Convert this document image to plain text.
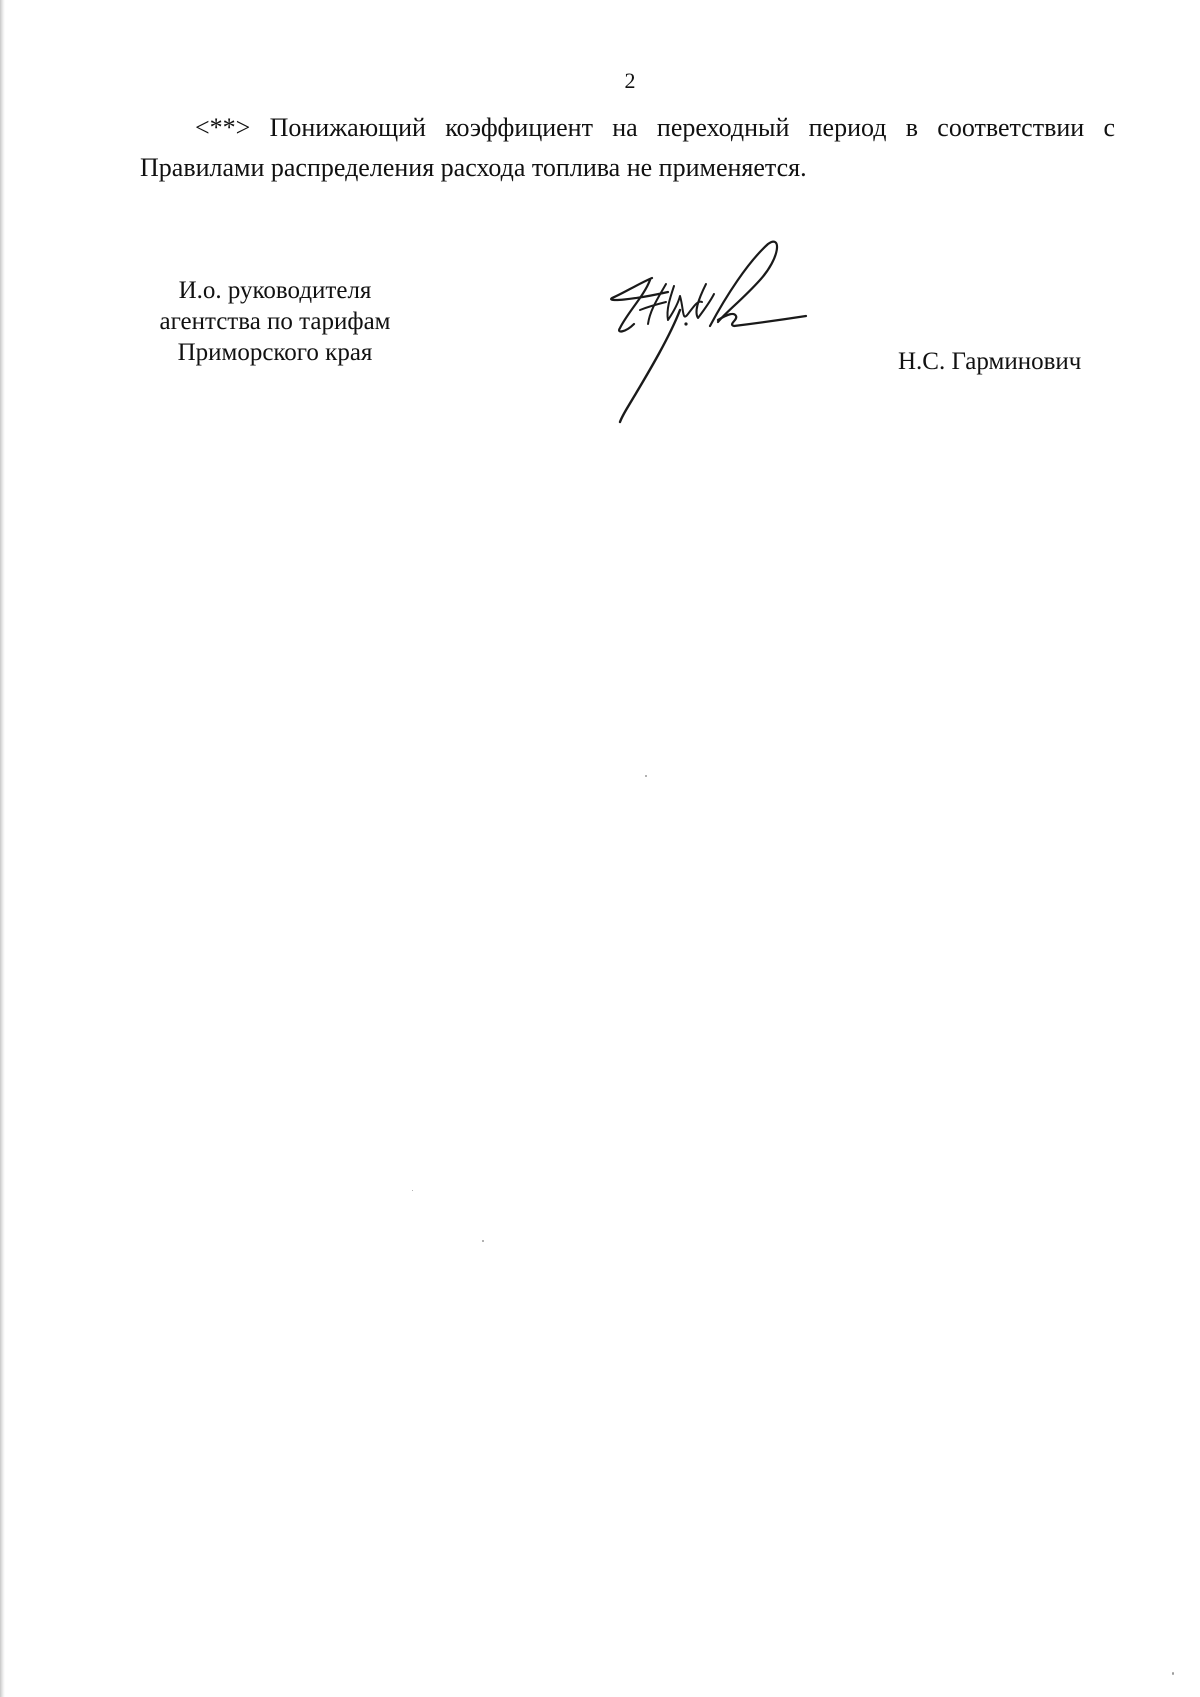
2

<**> Понижающий коэффициент на переходный период в соответствии с
Правилами распределения расхода топлива не применяется.

И.о. руководителя
агентства по тарифам
Приморского края	Н.С. Гарминович
